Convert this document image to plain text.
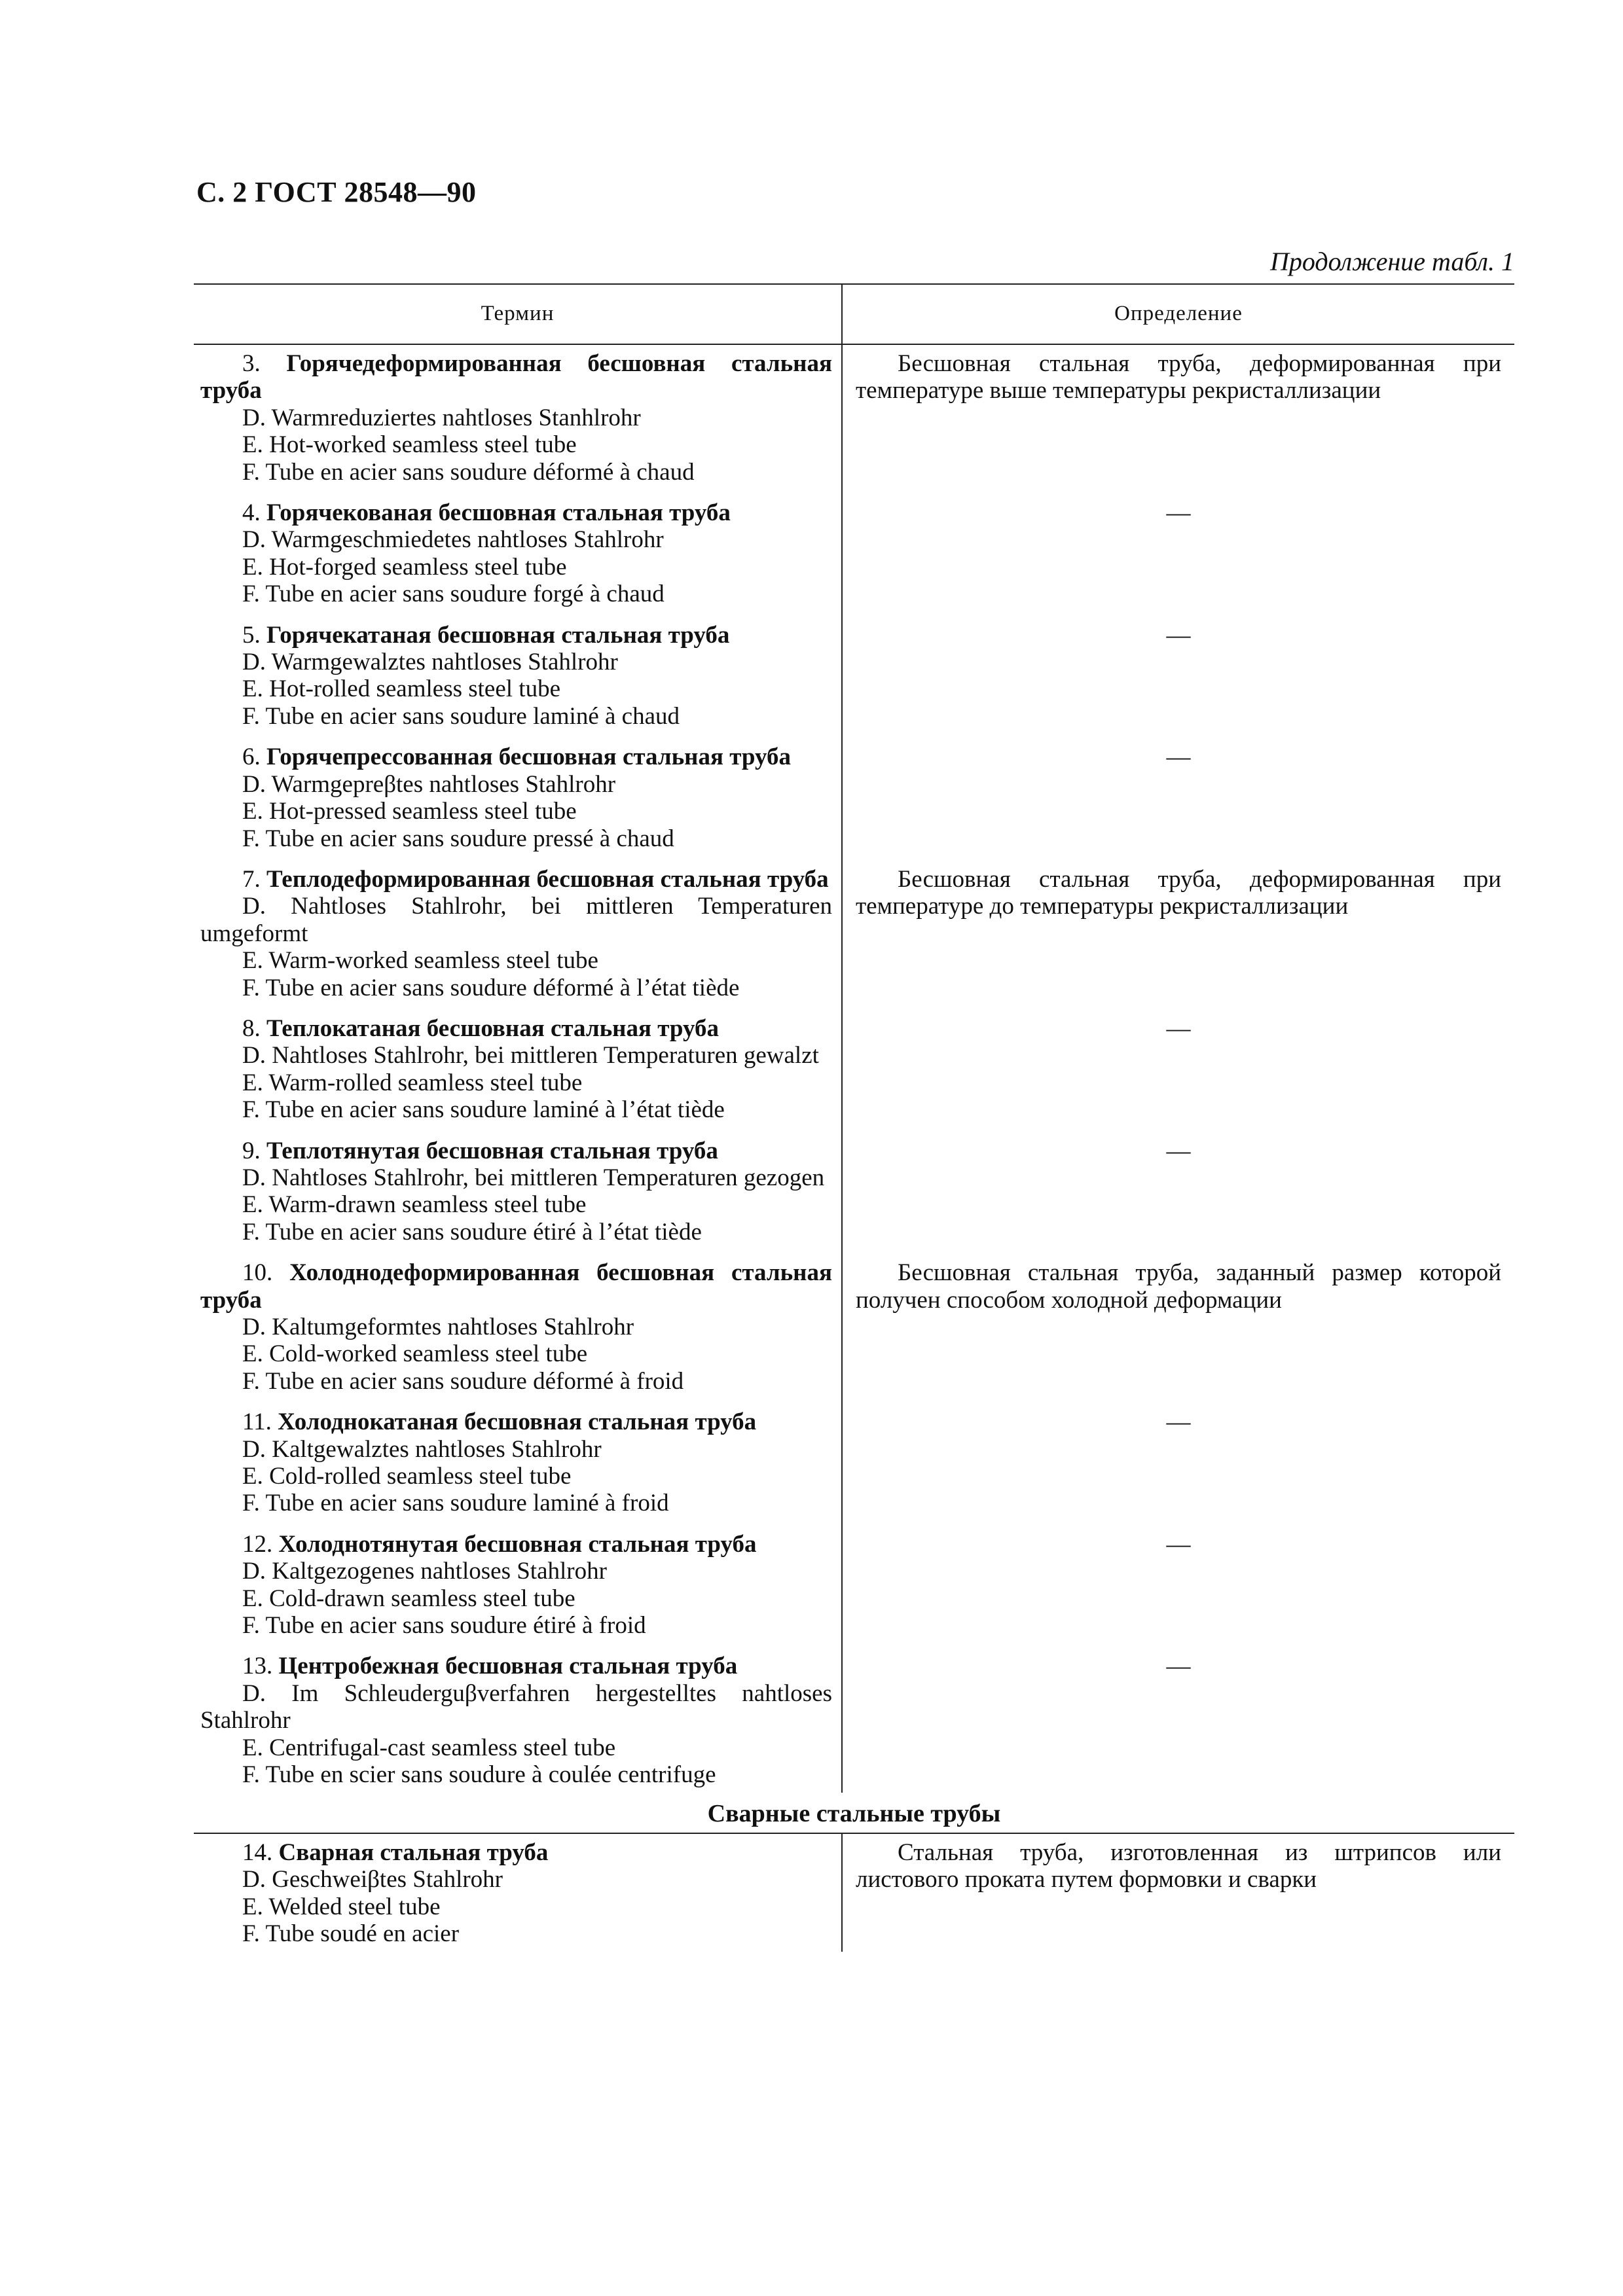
С. 2 ГОСТ 28548—90
Продолжение табл. 1
Термин	Определение

3. Горячедеформированная бесшовная стальная труба

D. Warmreduziertes nahtloses Stanhlrohr

E. Hot-worked seamless steel tube

F. Tube en acier sans soudure déformé à chaud

4. Горячекованая бесшовная стальная труба

D. Warmgeschmiedetes nahtloses Stahlrohr

E. Hot-forged seamless steel tube

F. Tube en acier sans soudure forgé à chaud

5. Горячекатаная бесшовная стальная труба

D. Warmgewalztes nahtloses Stahlrohr

E. Hot-rolled seamless steel tube

F. Tube en acier sans soudure laminé à chaud

6. Горячепрессованная бесшовная стальная труба

D. Warmgepreβtes nahtloses Stahlrohr

E. Hot-pressed seamless steel tube

F. Tube en acier sans soudure pressé à chaud

7. Теплодеформированная бесшовная стальная труба

D. Nahtloses Stahlrohr, bei mittleren Temperaturen umgeformt

E. Warm-worked seamless steel tube

F. Tube en acier sans soudure déformé à l’état tiède

8. Теплокатаная бесшовная стальная труба

D. Nahtloses Stahlrohr, bei mittleren Temperaturen gewalzt

E. Warm-rolled seamless steel tube

F. Tube en acier sans soudure laminé à l’état tiède

9. Теплотянутая бесшовная стальная труба

D. Nahtloses Stahlrohr, bei mittleren Temperaturen gezogen

E. Warm-drawn seamless steel tube

F. Tube en acier sans soudure étiré à l’état tiède

10. Холоднодеформированная бесшовная стальная труба

D. Kaltumgeformtes nahtloses Stahlrohr

E. Cold-worked seamless steel tube

F. Tube en acier sans soudure déformé à froid

11. Холоднокатаная бесшовная стальная труба

D. Kaltgewalztes nahtloses Stahlrohr

E. Cold-rolled seamless steel tube

F. Tube en acier sans soudure laminé à froid

12. Холоднотянутая бесшовная стальная труба

D. Kaltgezogenes nahtloses Stahlrohr

E. Cold-drawn seamless steel tube

F. Tube en acier sans soudure étiré à froid

13. Центробежная бесшовная стальная труба

D. Im Schleuderguβverfahren hergestelltes nahtloses Stahlrohr

E. Centrifugal-cast seamless steel tube

F. Tube en scier sans soudure à coulée centrifuge

Бесшовная стальная труба, деформированная при температуре выше температуры рекристаллизации

—

—

—

Бесшовная стальная труба, деформированная при температуре до температуры рекристаллизации

—

—

Бесшовная стальная труба, заданный размер которой получен способом холодной деформации

—

—

—

Сварные стальные трубы

14. Сварная стальная труба

D. Geschweiβtes Stahlrohr

E. Welded steel tube

F. Tube soudé en acier

Стальная труба, изготовленная из штрипсов или листового проката путем формовки и сварки
